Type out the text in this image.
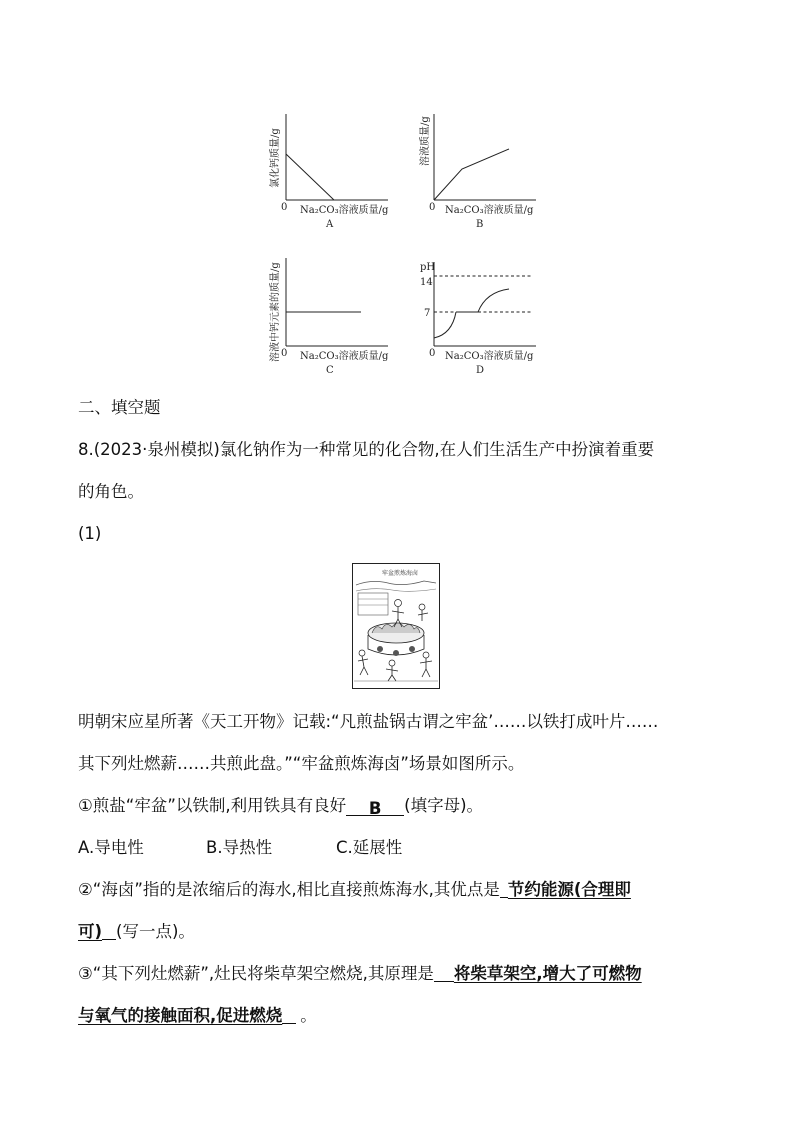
氯化钙质量/g
0 Na₂CO₃溶液质量/g
A
溶液质量/g
0 Na₂CO₃溶液质量/g
B
溶液中钙元素的质量/g 0 Na₂CO₃溶液质量/g
C
pH
14
7
0 Na₂CO₃溶液质量/g
D
二、填空题
8.(2023·泉州模拟)氯化钠作为一种常见的化合物,在人们生活生产中扮演着重要
的角色。
(1)
牢盆煎炼海卤
明朝宋应星所著《天工开物》记载:“凡煎盐锅古谓之牢盆’……以铁打成叶片……
其下列灶燃薪……共煎此盘。”“牢盆煎炼海卤”场景如图所示。
①煎盐“牢盆”以铁制,利用铁具有良好 B (填字母)。
A.导电性	B.导热性	C.延展性
②“海卤”指的是浓缩后的海水,相比直接煎炼海水,其优点是 节约能源(合理即
可) (写一点)。
③“其下列灶燃薪”,灶民将柴草架空燃烧,其原理是 将柴草架空,增大了可燃物
与氧气的接触面积,促进燃烧 。
